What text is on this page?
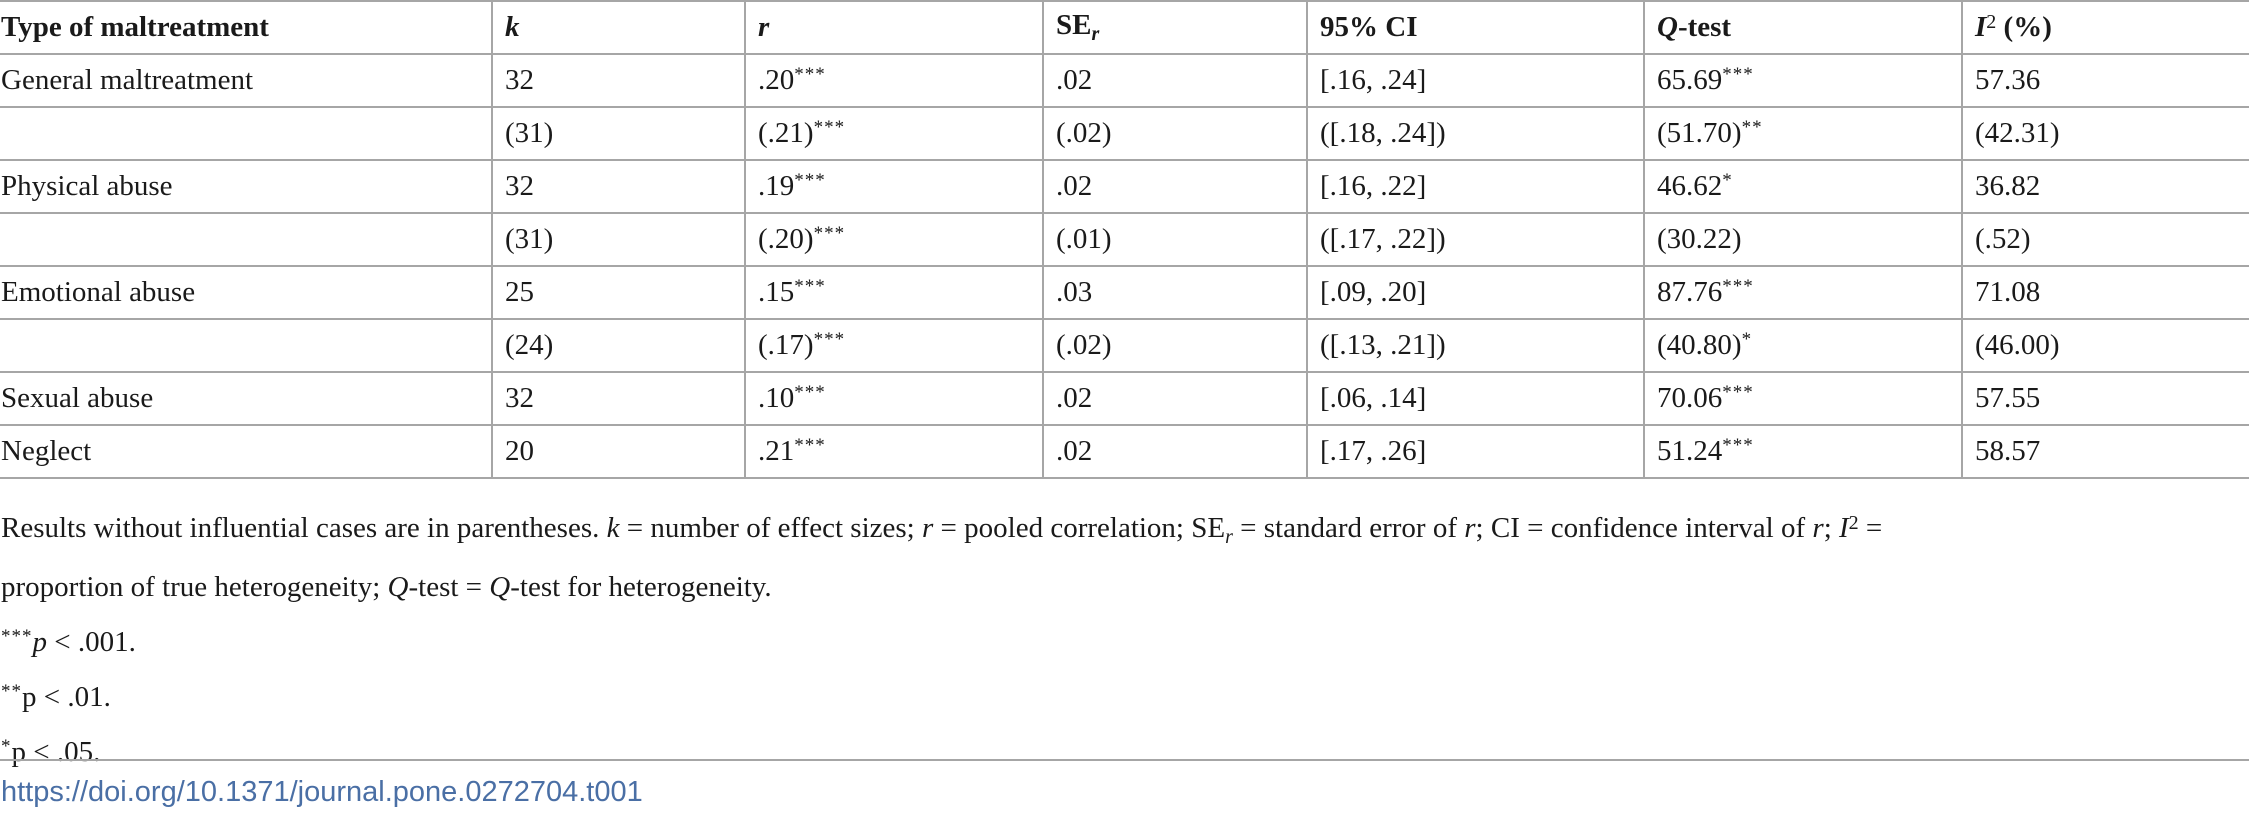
Type of maltreatment	k	r	$SE_r$	95% CI	Q-test	$I^2$ (%)
General maltreatment	32	.20***	.02	[.16, .24]	65.69***	57.36
	(31)	(.21)***	(.02)	([.18, .24])	(51.70)**	(42.31)
Physical abuse	32	.19***	.02	[.16, .22]	46.62*	36.82
	(31)	(.20)***	(.01)	([.17, .22])	(30.22)	(.52)
Emotional abuse	25	.15***	.03	[.09, .20]	87.76***	71.08
	(24)	(.17)***	(.02)	([.13, .21])	(40.80)*	(46.00)
Sexual abuse	32	.10***	.02	[.06, .14]	70.06***	57.55
Neglect	20	.21***	.02	[.17, .26]	51.24***	58.57

Results without influential cases are in parentheses. k = number of effect sizes; r = pooled correlation; $SE_r$ = standard error of r; CI = confidence interval of r; $I^2$ =

proportion of true heterogeneity; Q-test = Q-test for heterogeneity.

***p < .001.

**p < .01.

*p < .05.

https://doi.org/10.1371/journal.pone.0272704.t001
